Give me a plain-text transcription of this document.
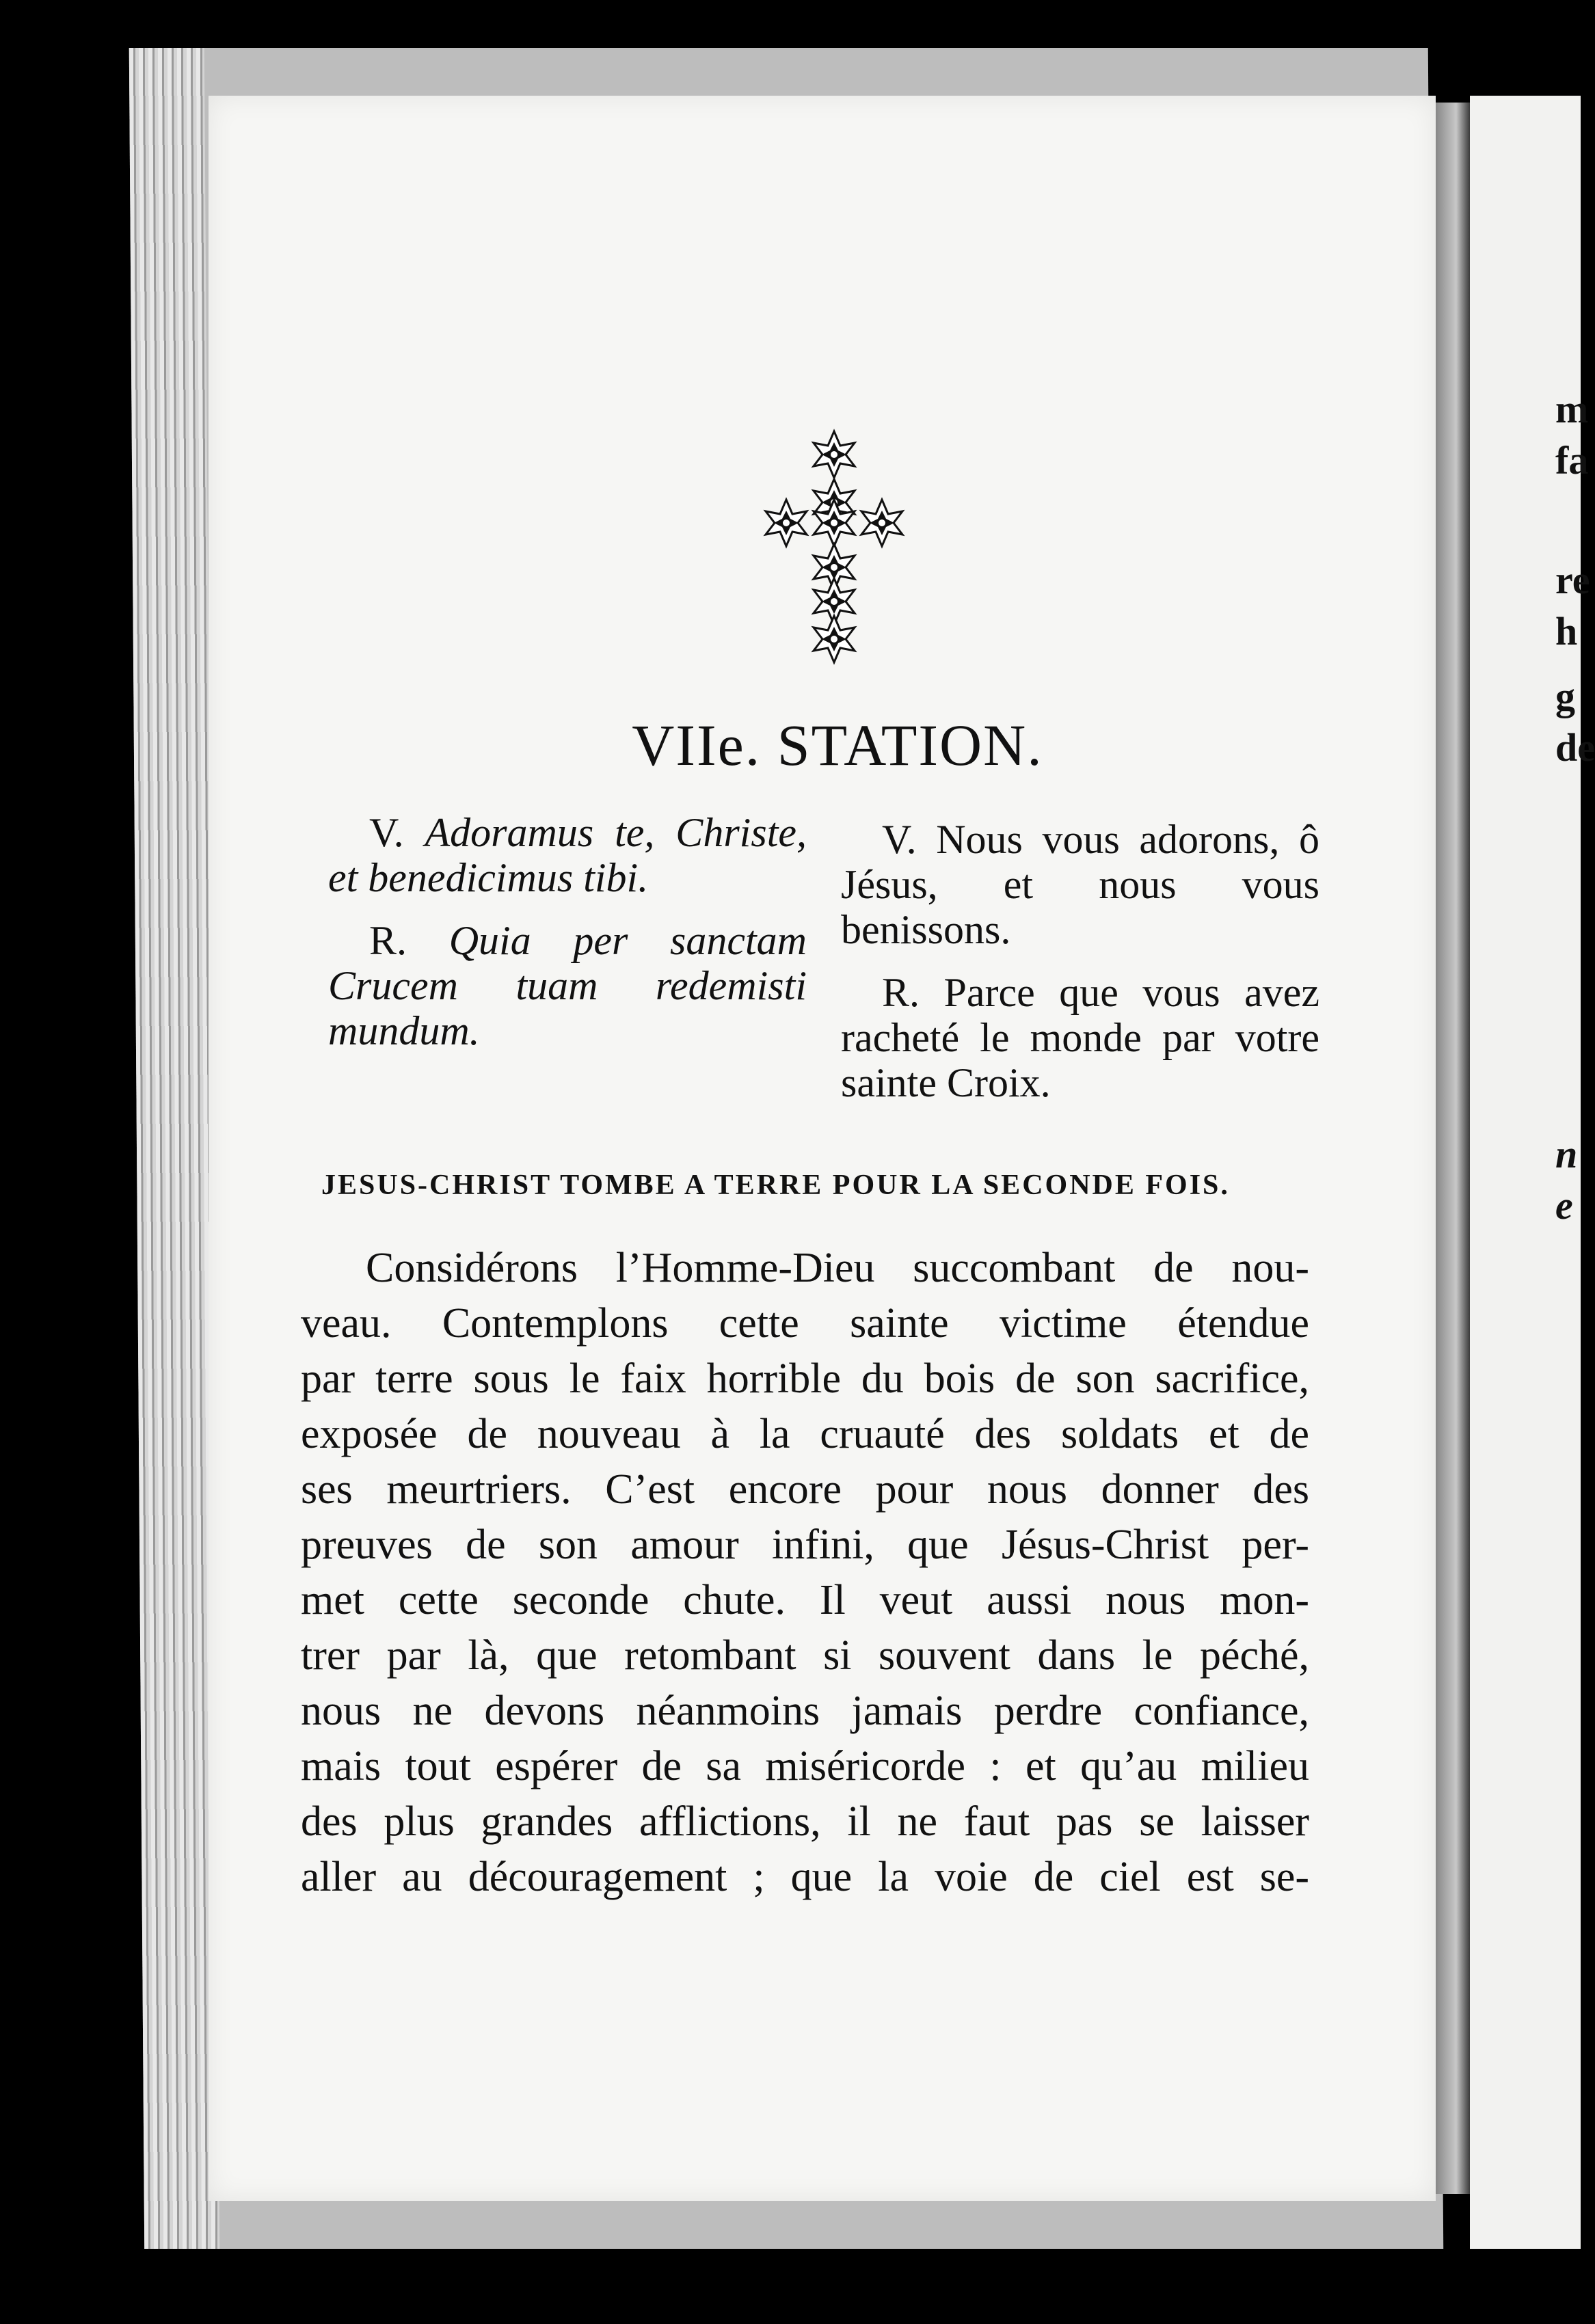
m
fa
re
h
g
de
n
e
VIIe. STATION.

V. Adoramus te, Christe, et benedicimus tibi.

R. Quia per sanctam Crucem tuam redemisti mundum.

V. Nous vous adorons, ô Jésus, et nous vous benissons.

R. Parce que vous avez racheté le monde par votre sainte Croix.

JESUS-CHRIST TOMBE A TERRE POUR LA SECONDE FOIS.
Considérons l’Homme-Dieu succombant de nou-
veau. Contemplons cette sainte victime étendue
par terre sous le faix horrible du bois de son sacrifice,
exposée de nouveau à la cruauté des soldats et de
ses meurtriers. C’est encore pour nous donner des
preuves de son amour infini, que Jésus-Christ per-
met cette seconde chute. Il veut aussi nous mon-
trer par là, que retombant si souvent dans le péché,
nous ne devons néanmoins jamais perdre confiance,
mais tout espérer de sa miséricorde : et qu’au milieu
des plus grandes afflictions, il ne faut pas se laisser
aller au découragement ; que la voie de ciel est se-
